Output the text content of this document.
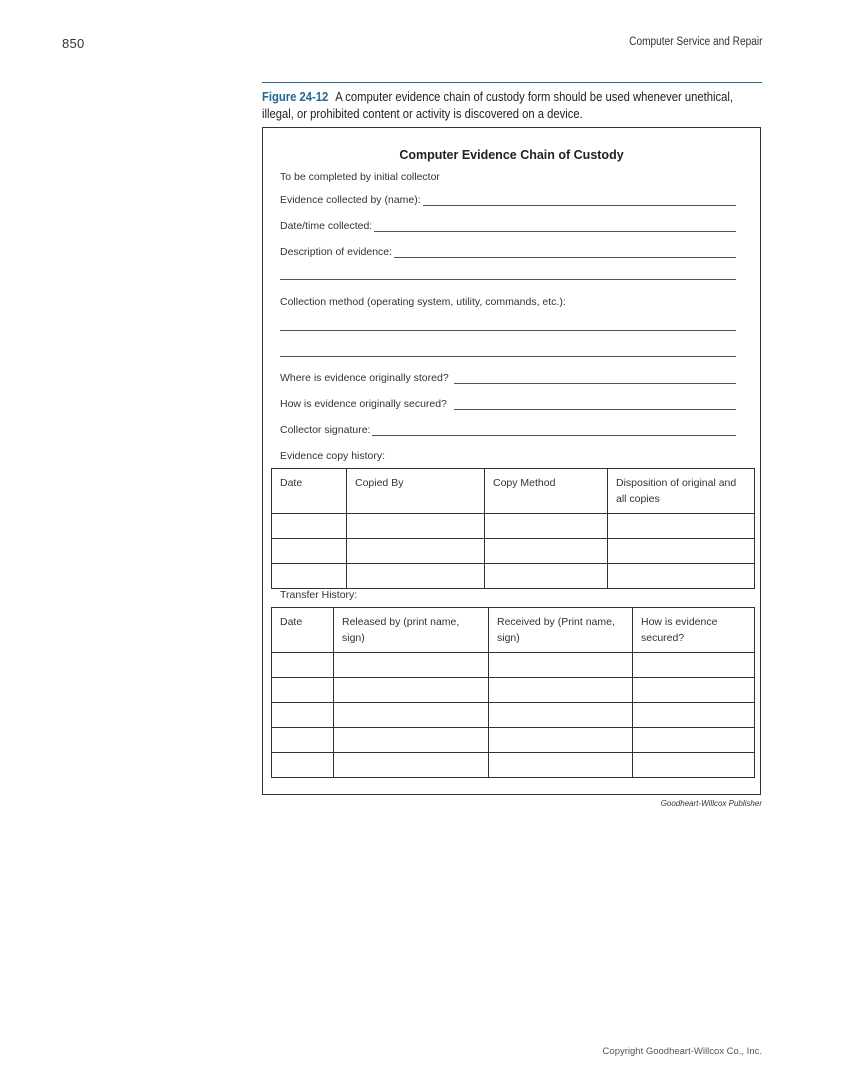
850	Computer Service and Repair
Figure 24-12 A computer evidence chain of custody form should be used whenever unethical, illegal, or prohibited content or activity is discovered on a device.
Computer Evidence Chain of Custody
To be completed by initial collector
Evidence collected by (name):
Date/time collected:
Description of evidence:
Collection method (operating system, utility, commands, etc.):
Where is evidence originally stored?
How is evidence originally secured?
Collector signature:
Evidence copy history:
Date	Copied By	Copy Method	Disposition of original and all copies

Transfer History:
Date	Released by (print name, sign)	Received by (Print name, sign)	How is evidence secured?

Goodheart-Willcox Publisher
Copyright Goodheart-Willcox Co., Inc.
